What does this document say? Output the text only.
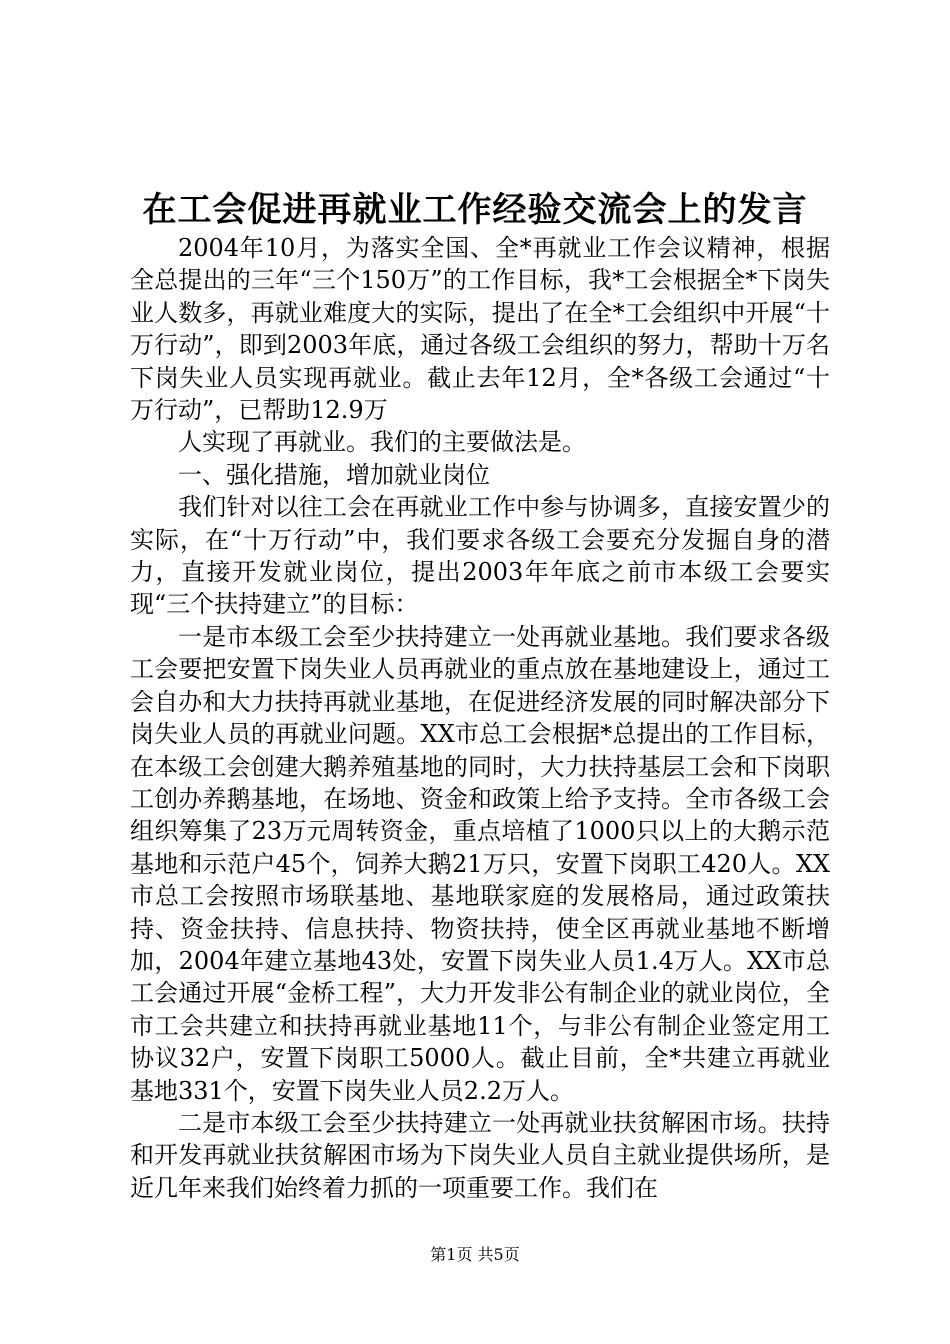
在工会促进再就业工作经验交流会上的发言

2004年10月，为落实全国、全*再就业工作会议精神，根据全总提出的三年“三个150万”的工作目标，我*工会根据全*下岗失业人数多，再就业难度大的实际，提出了在全*工会组织中开展“十万行动”，即到2003年底，通过各级工会组织的努力，帮助十万名下岗失业人员实现再就业。截止去年12月，全*各级工会通过“十万行动”，已帮助12.9万

人实现了再就业。我们的主要做法是。

一、强化措施，增加就业岗位

我们针对以往工会在再就业工作中参与协调多，直接安置少的实际，在“十万行动”中，我们要求各级工会要充分发掘自身的潜力，直接开发就业岗位，提出2003年年底之前市本级工会要实现“三个扶持建立”的目标：

一是市本级工会至少扶持建立一处再就业基地。我们要求各级工会要把安置下岗失业人员再就业的重点放在基地建设上，通过工会自办和大力扶持再就业基地，在促进经济发展的同时解决部分下岗失业人员的再就业问题。XX市总工会根据*总提出的工作目标，在本级工会创建大鹅养殖基地的同时，大力扶持基层工会和下岗职工创办养鹅基地，在场地、资金和政策上给予支持。全市各级工会组织筹集了23万元周转资金，重点培植了1000只以上的大鹅示范基地和示范户45个，饲养大鹅21万只，安置下岗职工420人。XX市总工会按照市场联基地、基地联家庭的发展格局，通过政策扶持、资金扶持、信息扶持、物资扶持，使全区再就业基地不断增加，2004年建立基地43处，安置下岗失业人员1.4万人。XX市总工会通过开展“金桥工程”，大力开发非公有制企业的就业岗位，全市工会共建立和扶持再就业基地11个，与非公有制企业签定用工协议32户，安置下岗职工5000人。截止目前，全*共建立再就业基地331个，安置下岗失业人员2.2万人。

二是市本级工会至少扶持建立一处再就业扶贫解困市场。扶持和开发再就业扶贫解困市场为下岗失业人员自主就业提供场所，是近几年来我们始终着力抓的一项重要工作。我们在

第1页 共5页
